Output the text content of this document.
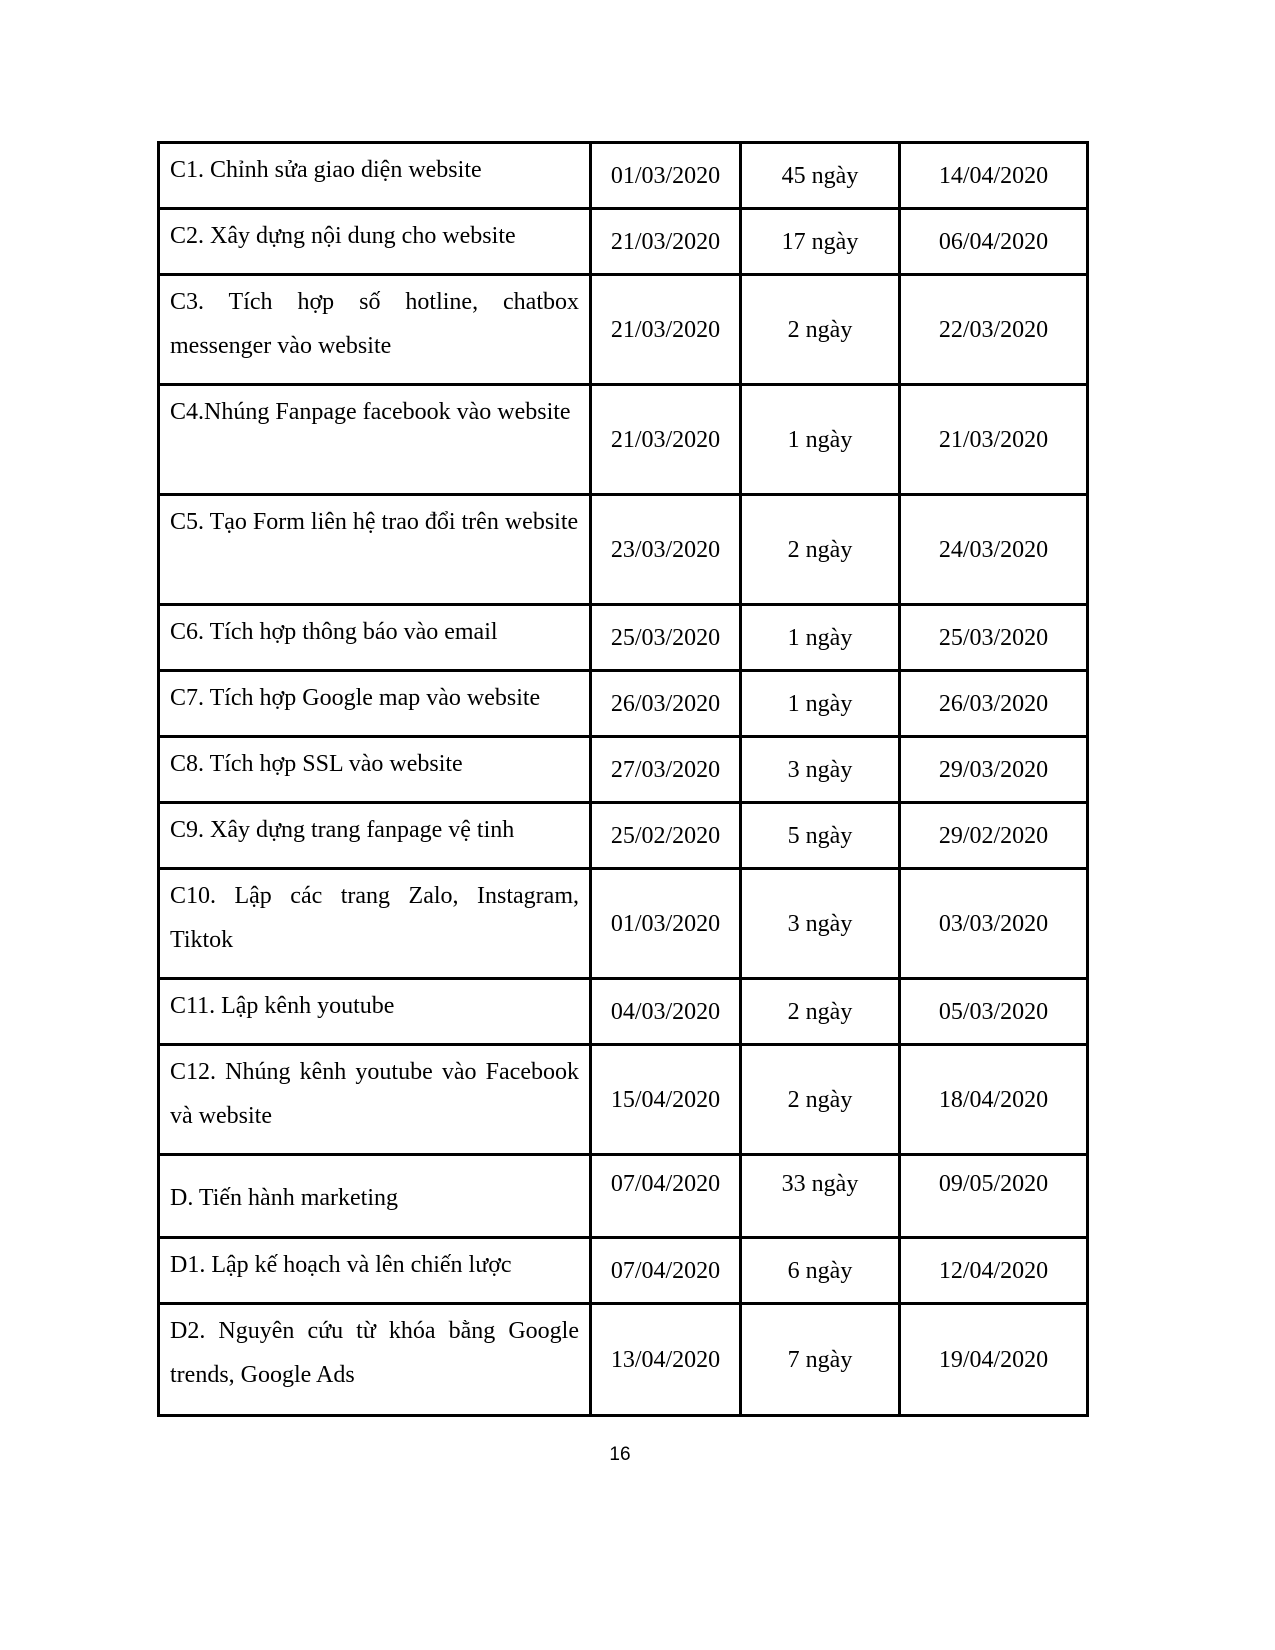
C1. Chỉnh sửa giao diện website	01/03/2020	45 ngày	14/04/2020
C2. Xây dựng nội dung cho website	21/03/2020	17 ngày	06/04/2020
C3. Tích hợp số hotline, chatbox messenger vào website	21/03/2020	2 ngày	22/03/2020
C4.Nhúng Fanpage facebook vào website	21/03/2020	1 ngày	21/03/2020
C5. Tạo Form liên hệ trao đổi trên website	23/03/2020	2 ngày	24/03/2020
C6. Tích hợp thông báo vào email	25/03/2020	1 ngày	25/03/2020
C7. Tích hợp Google map vào website	26/03/2020	1 ngày	26/03/2020
C8. Tích hợp SSL vào website	27/03/2020	3 ngày	29/03/2020
C9. Xây dựng trang fanpage vệ tinh	25/02/2020	5 ngày	29/02/2020
C10. Lập các trang Zalo, Instagram, Tiktok	01/03/2020	3 ngày	03/03/2020
C11. Lập kênh youtube	04/03/2020	2 ngày	05/03/2020
C12. Nhúng kênh youtube vào Facebook và website	15/04/2020	2 ngày	18/04/2020
D. Tiến hành marketing	07/04/2020	33 ngày	09/05/2020
D1. Lập kế hoạch và lên chiến lược	07/04/2020	6 ngày	12/04/2020
D2. Nguyên cứu từ khóa bằng Google trends, Google Ads	13/04/2020	7 ngày	19/04/2020
16
